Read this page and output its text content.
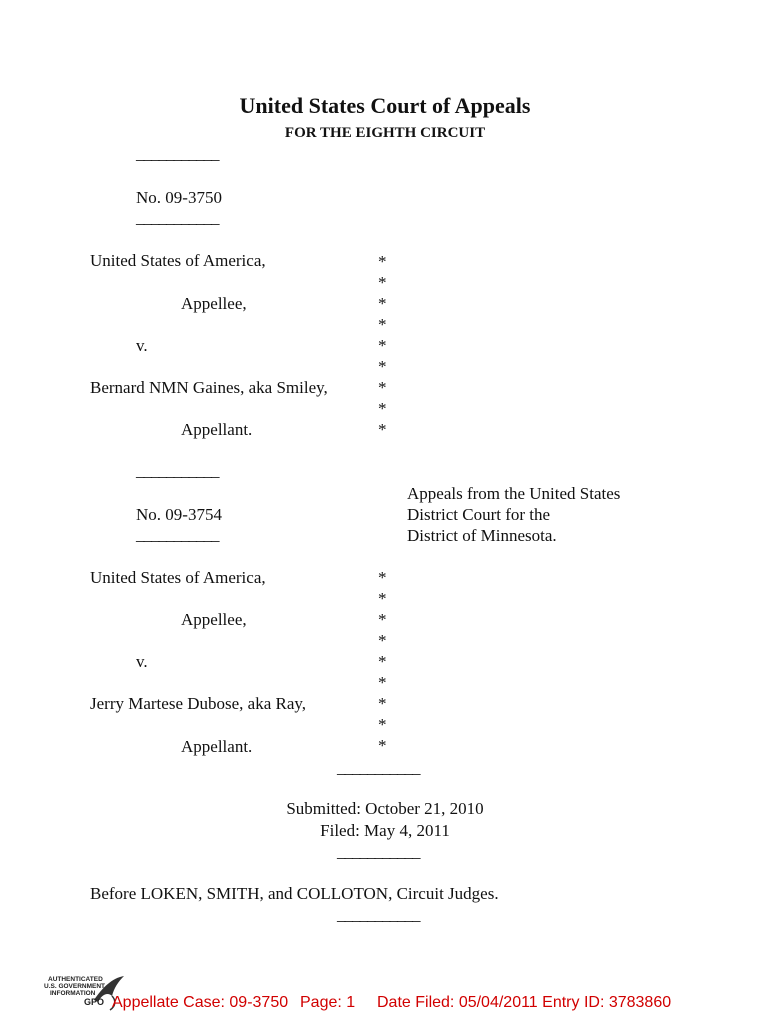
United States Court of Appeals
FOR THE EIGHTH CIRCUIT
___________
No. 09-3750
___________
United States of America,
Appellee,
v.
Bernard NMN Gaines, aka Smiley,
Appellant.
*
*
*
*
*
*
*
*
*
___________
No. 09-3754
___________
Appeals from the United States
District Court for the
District of Minnesota.
United States of America,
Appellee,
v.
Jerry Martese Dubose, aka Ray,
Appellant.
*
*
*
*
*
*
*
*
*
___________
Submitted: October 21, 2010
Filed: May 4, 2011
___________
Before LOKEN, SMITH, and COLLOTON, Circuit Judges.
___________
AUTHENTICATED
U.S. GOVERNMENT
INFORMATION
GPO Appellate Case: 09-3750 Page: 1 Date Filed: 05/04/2011 Entry ID: 3783860
